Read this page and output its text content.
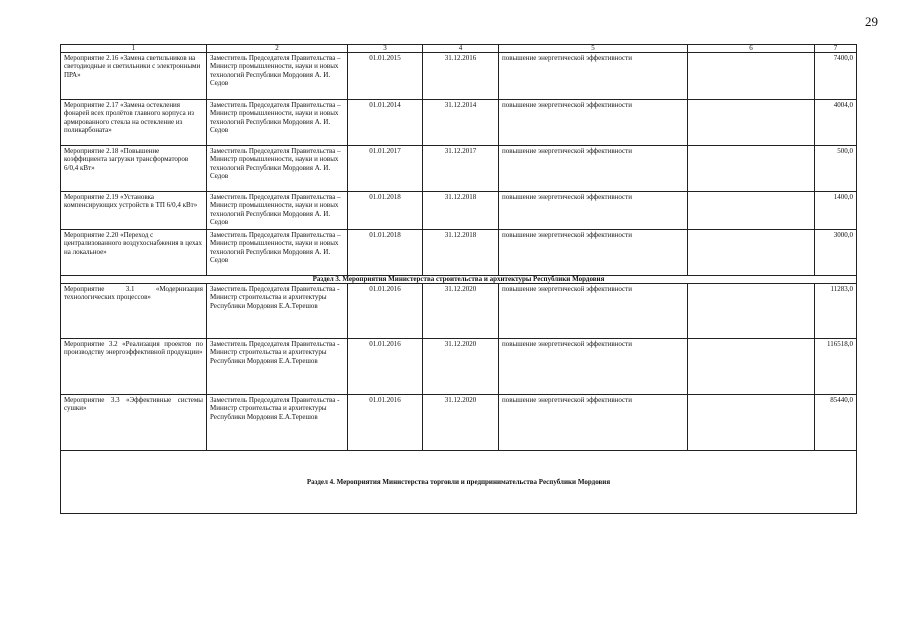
29
1	2	3	4	5	6	7
Мероприятие 2.16 «Замена светильников на светодиодные и светильники с электронными ПРА»	Заместитель Председателя Правительства – Министр промышленности, науки и новых технологий Республики Мордовия А. И. Седов	01.01.2015	31.12.2016	повышение энергетической эффективности		7400,0
Мероприятие 2.17 «Замена остекления фонарей всех пролётов главного корпуса из армированного стекла на остекление из поликарбоната»	Заместитель Председателя Правительства – Министр промышленности, науки и новых технологий Республики Мордовия А. И. Седов	01.01.2014	31.12.2014	повышение энергетической эффективности		4004,0
Мероприятие 2.18 «Повышение коэффициента загрузки трансформаторов 6/0,4 кВт»	Заместитель Председателя Правительства – Министр промышленности, науки и новых технологий Республики Мордовия А. И. Седов	01.01.2017	31.12.2017	повышение энергетической эффективности		500,0
Мероприятие 2.19 «Установка компенсирующих устройств в ТП 6/0,4 кВт»	Заместитель Председателя Правительства – Министр промышленности, науки и новых технологий Республики Мордовия А. И. Седов	01.01.2018	31.12.2018	повышение энергетической эффективности		1400,0
Мероприятие 2.20 «Переход с централизованного воздухоснабжения в цехах на локальное»	Заместитель Председателя Правительства – Министр промышленности, науки и новых технологий Республики Мордовия А. И. Седов	01.01.2018	31.12.2018	повышение энергетической эффективности		3000,0
Раздел 3. Мероприятия Министерства строительства и архитектуры Республики Мордовия						
Мероприятие 3.1 «Модернизация технологических процессов»	Заместитель Председателя Правительства - Министр строительства и архитектуры Республики Мордовия Е.А.Терешов	01.01.2016	31.12.2020	повышение энергетической эффективности		11283,0
Мероприятие 3.2 «Реализация проектов по производству энергоэффективной продукции»	Заместитель Председателя Правительства - Министр строительства и архитектуры Республики Мордовия Е.А.Терешов	01.01.2016	31.12.2020	повышение энергетической эффективности		116518,0
Мероприятие 3.3 «Эффективные системы сушки»	Заместитель Председателя Правительства - Министр строительства и архитектуры Республики Мордовия Е.А.Терешов	01.01.2016	31.12.2020	повышение энергетической эффективности		85440,0
Раздел 4. Мероприятия Министерства торговли и предпринимательства Республики Мордовия						
